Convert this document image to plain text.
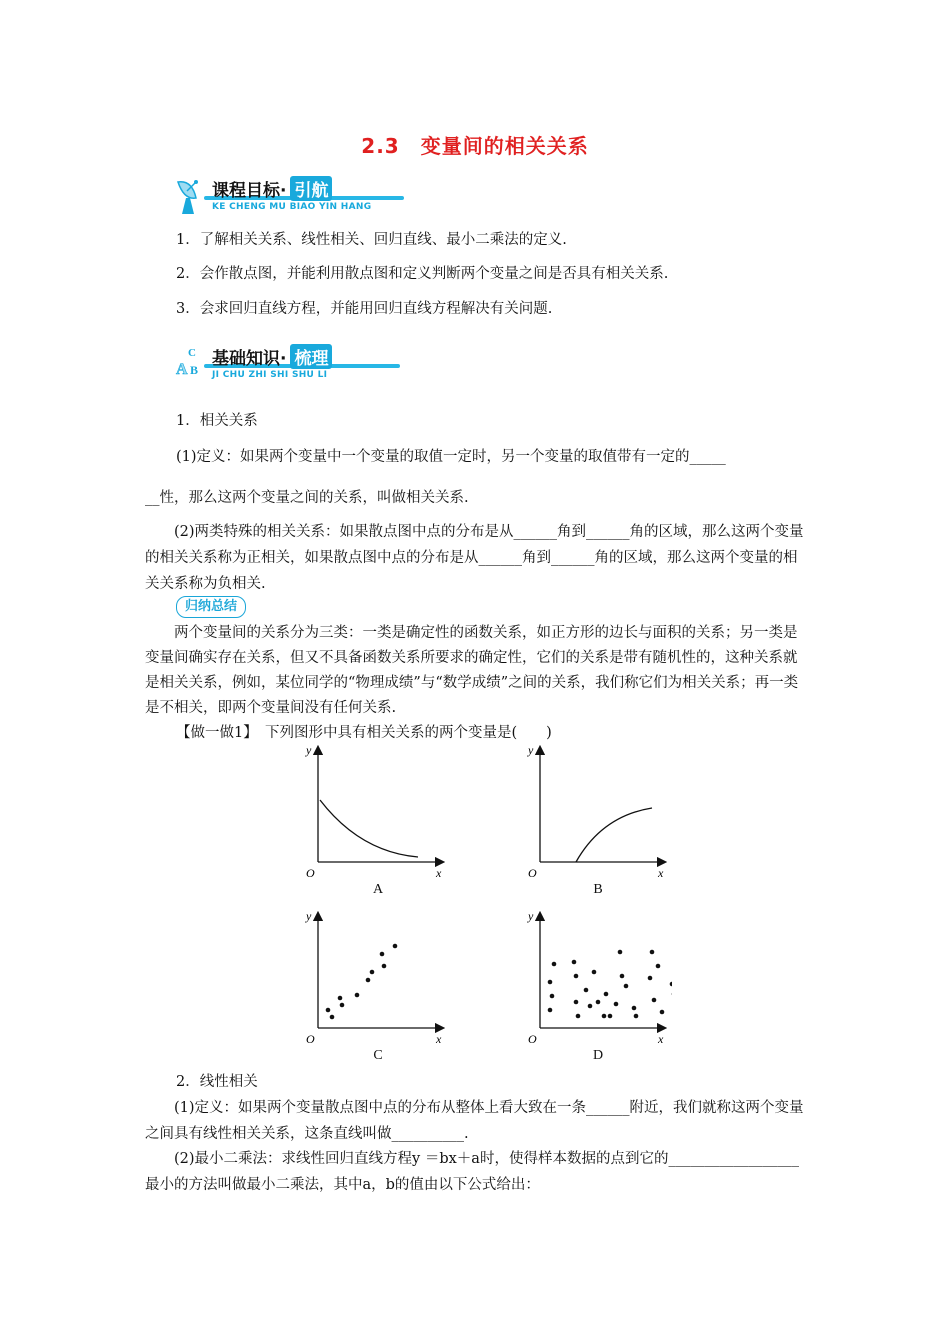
2.3　变量间的相关关系
课程目标· 引航
KE CHENG MU BIAO YIN HANG
1．了解相关关系、线性相关、回归直线、最小二乘法的定义.
2．会作散点图，并能利用散点图和定义判断两个变量之间是否具有相关关系.
3．会求回归直线方程，并能用回归直线方程解决有关问题.
C
A B
基础知识· 梳理
JI CHU ZHI SHI SHU LI
1．相关关系
(1)定义：如果两个变量中一个变量的取值一定时，另一个变量的取值带有一定的_____
__性，那么这两个变量之间的关系，叫做相关关系.
(2)两类特殊的相关关系：如果散点图中点的分布是从______角到______角的区域，那么这两个变量的相关关系称为正相关，如果散点图中点的分布是从______角到______角的区域，那么这两个变量的相关关系称为负相关.
归纳总结
两个变量间的关系分为三类：一类是确定性的函数关系，如正方形的边长与面积的关系；另一类是变量间确实存在关系，但又不具备函数关系所要求的确定性，它们的关系是带有随机性的，这种关系就是相关关系，例如，某位同学的“物理成绩”与“数学成绩”之间的关系，我们称它们为相关关系；再一类是不相关，即两个变量间没有任何关系.
【做一做1】　下列图形中具有相关关系的两个变量是(　　)
y
x
O
A
y
x
O
B
y
x
O
C
y
x
O
D
2．线性相关
(1)定义：如果两个变量散点图中点的分布从整体上看大致在一条______附近，我们就称这两个变量之间具有线性相关关系，这条直线叫做__________.
(2)最小二乘法：求线性回归直线方程y ＝bx＋a时，使得样本数据的点到它的__________________最小的方法叫做最小二乘法，其中a，b的值由以下公式给出：
